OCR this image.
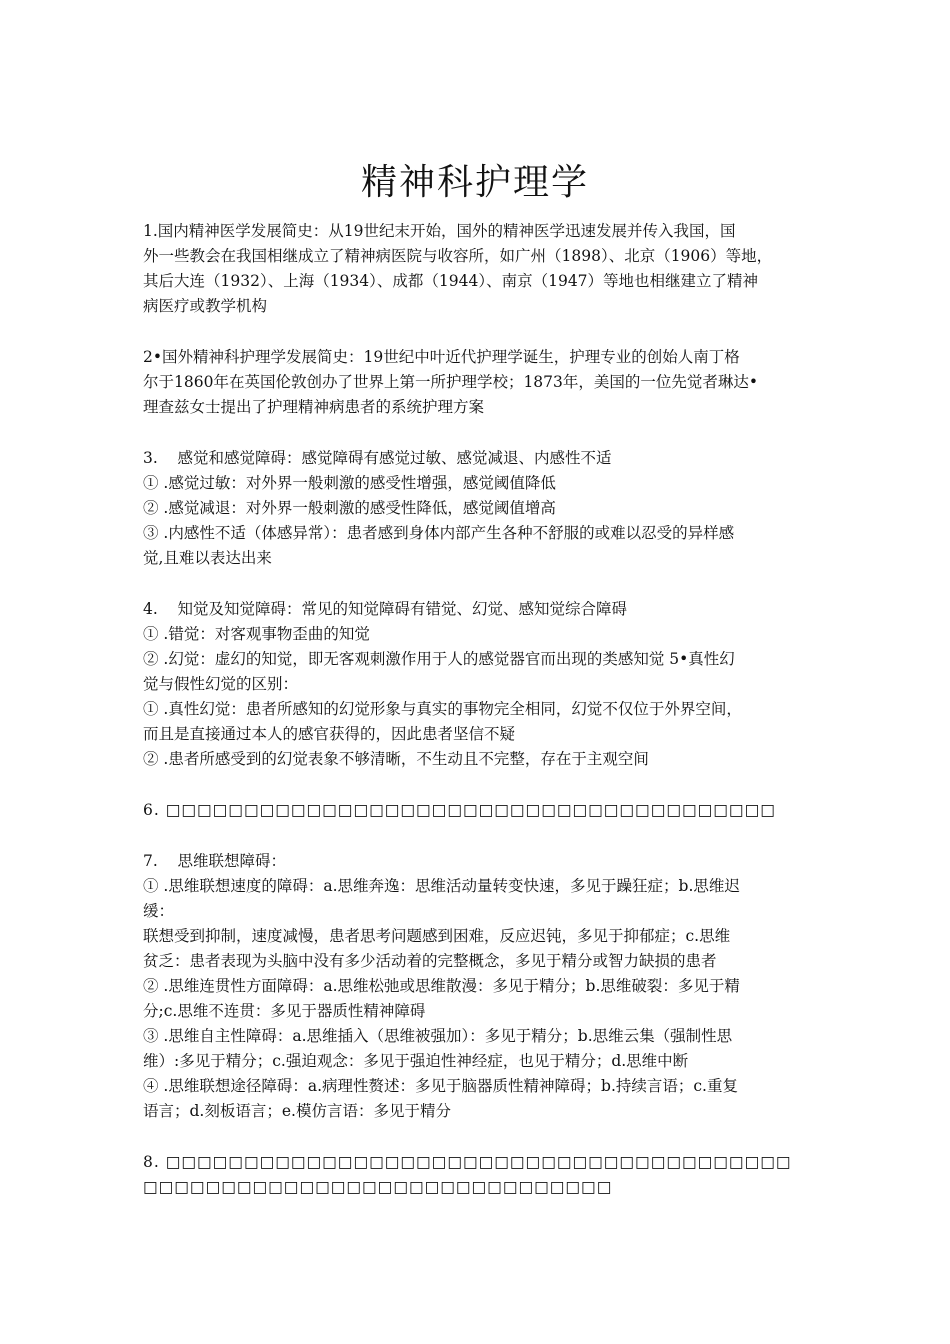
精神科护理学
1.国内精神医学发展简史：从19世纪末开始，国外的精神医学迅速发展并传入我国，国
外一些教会在我国相继成立了精神病医院与收容所，如广州（1898）、北京（1906）等地，
其后大连（1932）、上海（1934）、成都（1944）、南京（1947）等地也相继建立了精神
病医疗或教学机构
2•国外精神科护理学发展简史：19世纪中叶近代护理学诞生，护理专业的创始人南丁格
尔于1860年在英国伦敦创办了世界上第一所护理学校；1873年，美国的一位先觉者琳达•
理查兹女士提出了护理精神病患者的系统护理方案
3.    感觉和感觉障碍：感觉障碍有感觉过敏、感觉减退、内感性不适
① .感觉过敏：对外界一般刺激的感受性增强，感觉阈值降低
② .感觉减退：对外界一般刺激的感受性降低，感觉阈值增高
③ .内感性不适（体感异常）：患者感到身体内部产生各种不舒服的或难以忍受的异样感
觉,且难以表达出来
4.    知觉及知觉障碍：常见的知觉障碍有错觉、幻觉、感知觉综合障碍
① .错觉：对客观事物歪曲的知觉
② .幻觉：虚幻的知觉，即无客观刺激作用于人的感觉器官而出现的类感知觉 5•真性幻
觉与假性幻觉的区别：
① .真性幻觉：患者所感知的幻觉形象与真实的事物完全相同，幻觉不仅位于外界空间，
而且是直接通过本人的感官获得的，因此患者坚信不疑
② .患者所感受到的幻觉表象不够清晰，不生动且不完整，存在于主观空间
6. □□□□□□□□□□□□□□□□□□□□□□□□□□□□□□□□□□□□□□□
7.    思维联想障碍：
① .思维联想速度的障碍：a.思维奔逸：思维活动量转变快速，多见于躁狂症；b.思维迟
缓：
联想受到抑制，速度减慢，患者思考问题感到困难，反应迟钝，多见于抑郁症；c.思维
贫乏：患者表现为头脑中没有多少活动着的完整概念，多见于精分或智力缺损的患者
② .思维连贯性方面障碍：a.思维松弛或思维散漫：多见于精分；b.思维破裂：多见于精
分;c.思维不连贯：多见于器质性精神障碍
③ .思维自主性障碍：a.思维插入（思维被强加）：多见于精分；b.思维云集（强制性思
维）:多见于精分；c.强迫观念：多见于强迫性神经症，也见于精分；d.思维中断
④ .思维联想途径障碍：a.病理性赘述：多见于脑器质性精神障碍；b.持续言语；c.重复
语言；d.刻板语言；e.模仿言语：多见于精分
8. □□□□□□□□□□□□□□□□□□□□□□□□□□□□□□□□□□□□□□□□
□□□□□□□□□□□□□□□□□□□□□□□□□□□□□□
